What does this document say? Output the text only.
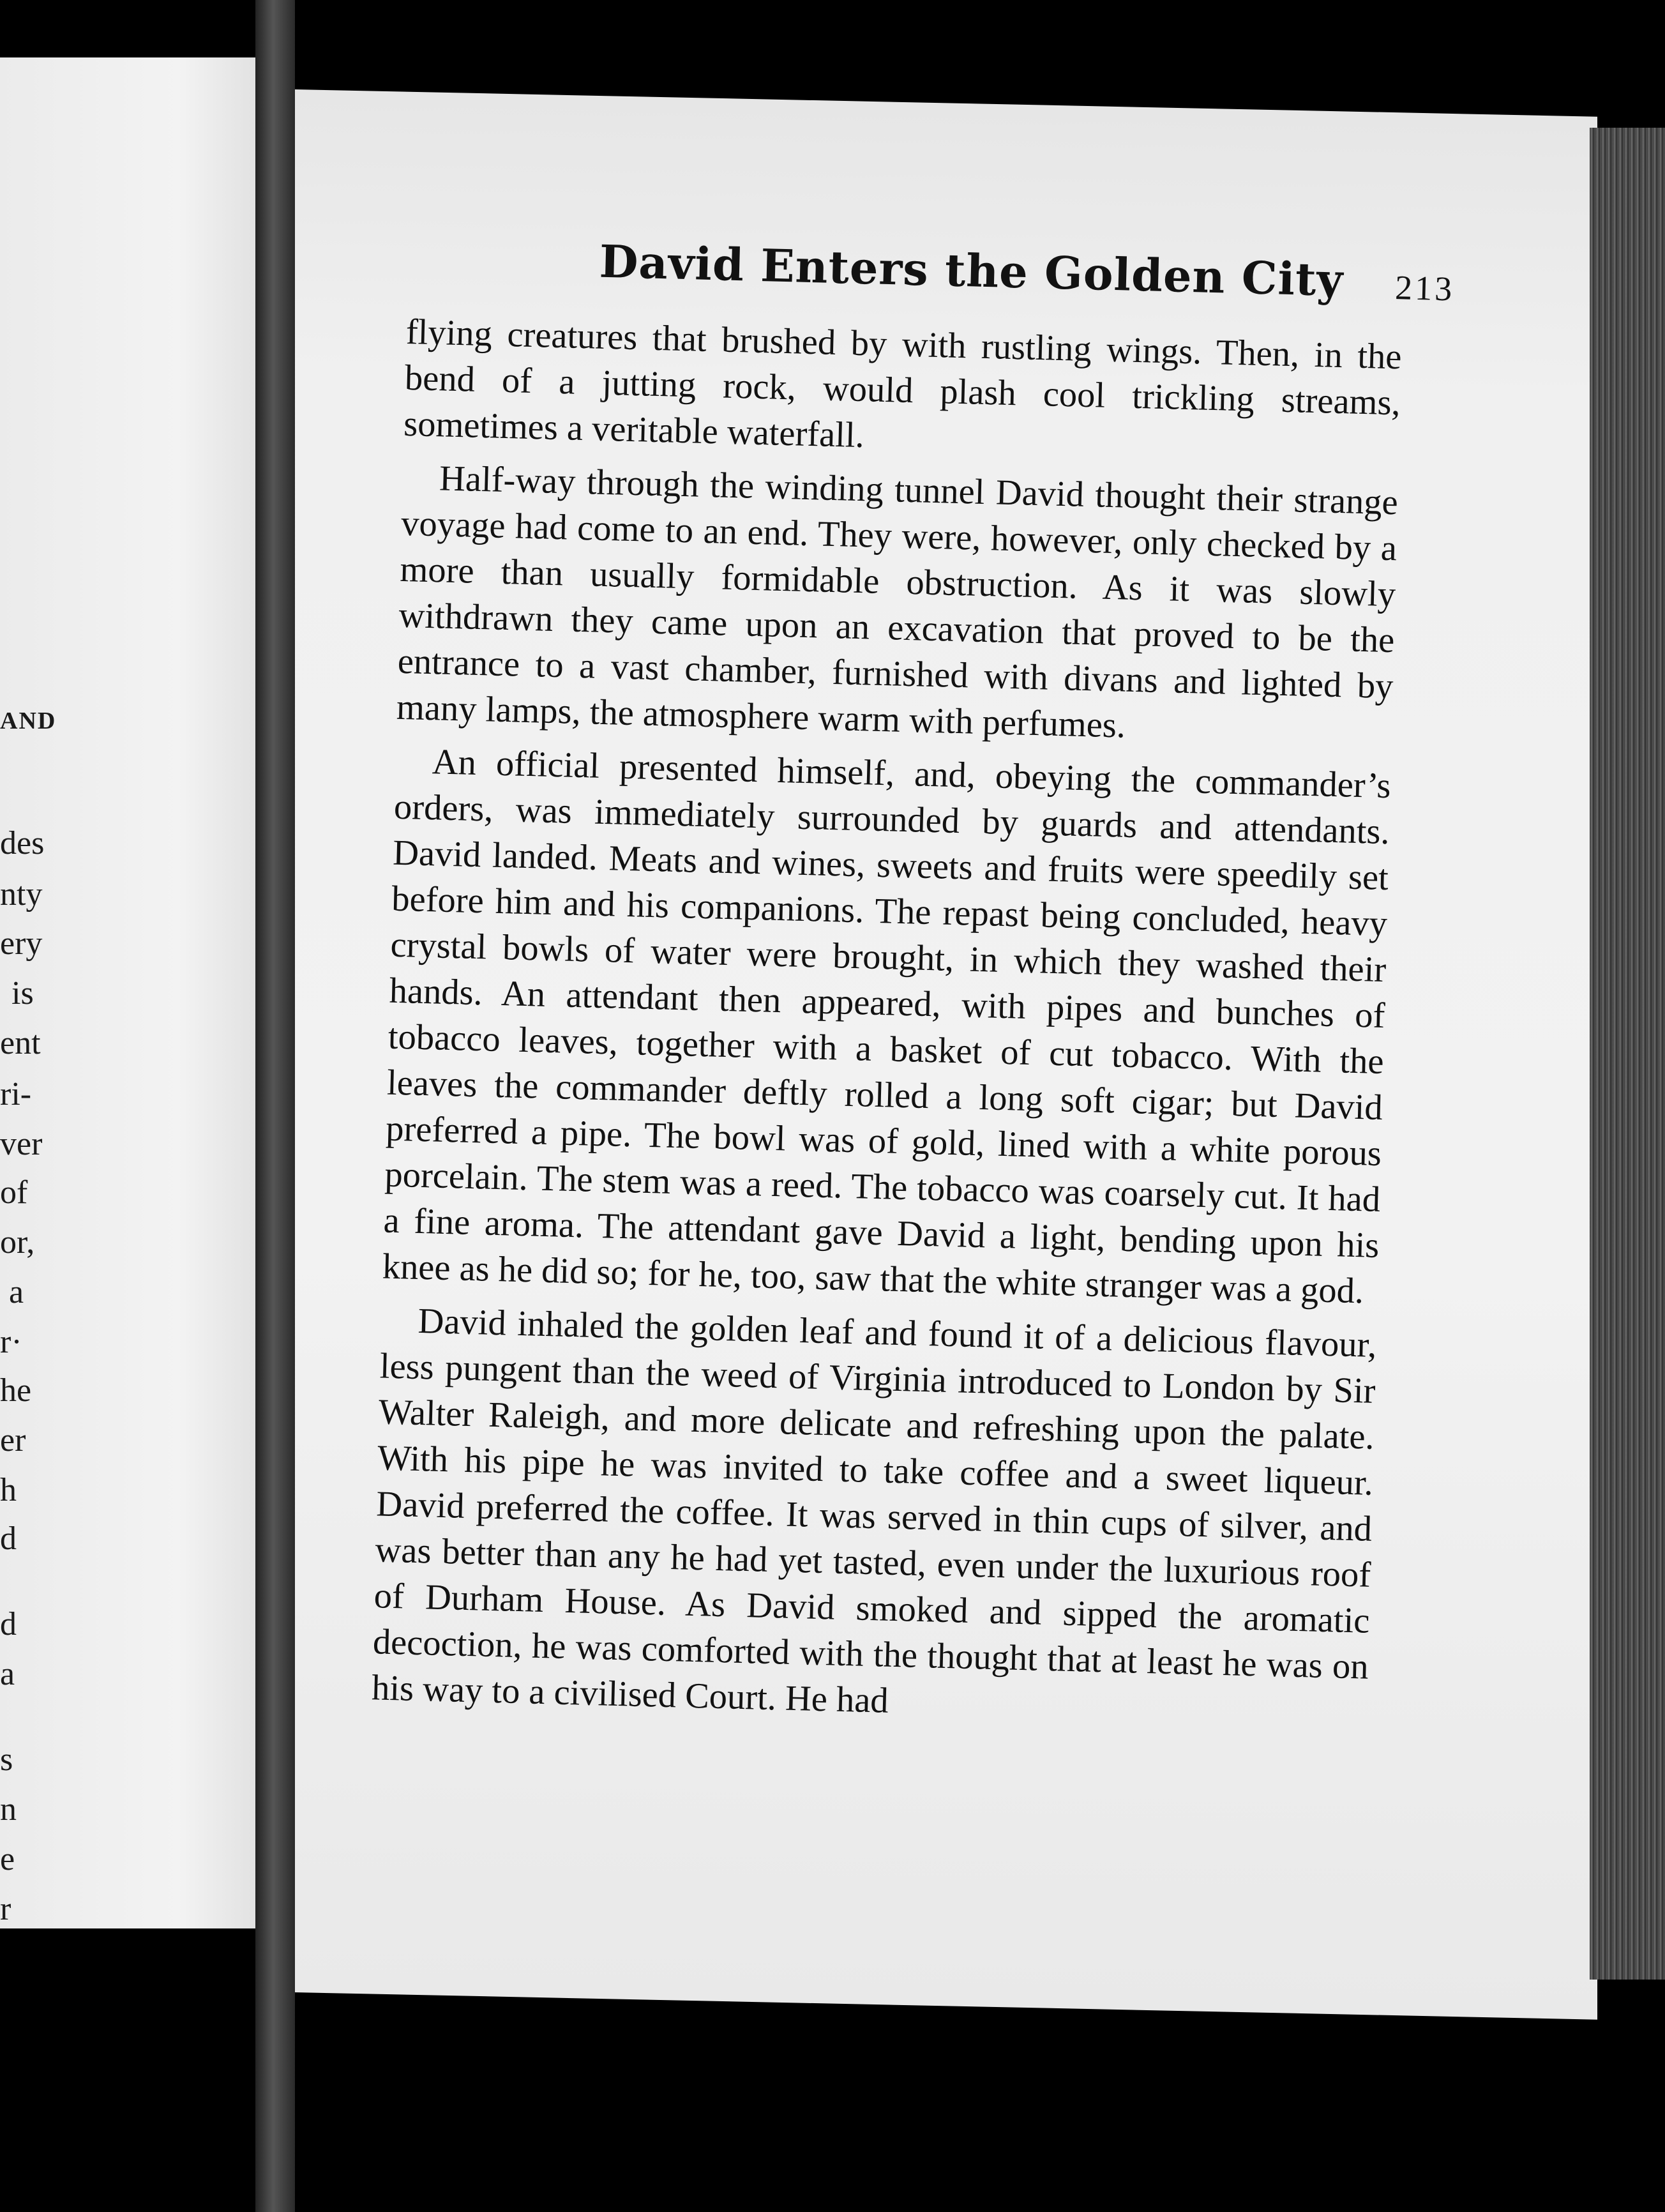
AND
des
nty
ery
is
ent
ri-
ver
of
or,
a
r·
he
er
h
d
d
a
s
n
e
r
David Enters the Golden City 213

flying creatures that brushed by with rustling wings. Then, in the bend of a jutting rock, would plash cool trickling streams, sometimes a veritable waterfall.

Half-way through the winding tunnel David thought their strange voyage had come to an end. They were, however, only checked by a more than usually formidable obstruction. As it was slowly withdrawn they came upon an excavation that proved to be the entrance to a vast chamber, furnished with divans and lighted by many lamps, the atmosphere warm with perfumes.

An official presented himself, and, obeying the commander’s orders, was immediately surrounded by guards and attendants. David landed. Meats and wines, sweets and fruits were speedily set before him and his companions. The repast being concluded, heavy crystal bowls of water were brought, in which they washed their hands. An attendant then appeared, with pipes and bunches of tobacco leaves, together with a basket of cut tobacco. With the leaves the commander deftly rolled a long soft cigar; but David preferred a pipe. The bowl was of gold, lined with a white porous porcelain. The stem was a reed. The tobacco was coarsely cut. It had a fine aroma. The attendant gave David a light, bending upon his knee as he did so; for he, too, saw that the white stranger was a god.

David inhaled the golden leaf and found it of a delicious flavour, less pungent than the weed of Virginia introduced to London by Sir Walter Raleigh, and more delicate and refreshing upon the palate. With his pipe he was invited to take coffee and a sweet liqueur. David preferred the coffee. It was served in thin cups of silver, and was better than any he had yet tasted, even under the luxurious roof of Durham House. As David smoked and sipped the aromatic decoction, he was comforted with the thought that at least he was on his way to a civilised Court. He had
